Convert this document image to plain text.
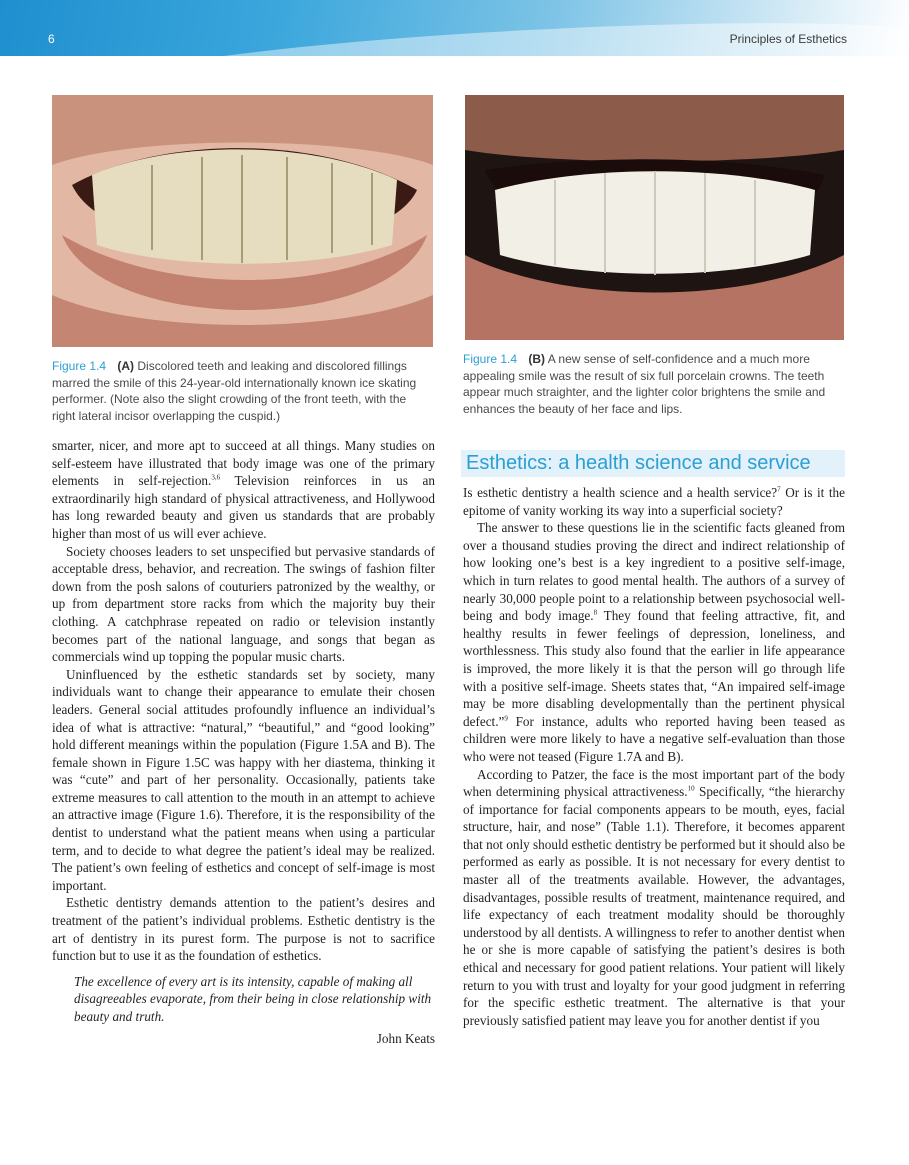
6	Principles of Esthetics
Figure 1.4 (A) Discolored teeth and leaking and discolored fillings marred the smile of this 24-year-old internationally known ice skating performer. (Note also the slight crowding of the front teeth, with the right lateral incisor overlapping the cuspid.)
Figure 1.4 (B) A new sense of self-confidence and a much more appealing smile was the result of six full porcelain crowns. The teeth appear much straighter, and the lighter color brightens the smile and enhances the beauty of her face and lips.

smarter, nicer, and more apt to succeed at all things. Many studies on self-esteem have illustrated that body image was one of the primary elements in self-rejection.$^{3,6}$ Television reinforces in us an extraordinarily high standard of physical attractiveness, and Hollywood has long rewarded beauty and given us standards that are probably higher than most of us will ever achieve.

Society chooses leaders to set unspecified but pervasive standards of acceptable dress, behavior, and recreation. The swings of fashion filter down from the posh salons of couturiers patronized by the wealthy, or up from department store racks from which the majority buy their clothing. A catchphrase repeated on radio or television instantly becomes part of the national language, and songs that began as commercials wind up topping the popular music charts.

Uninfluenced by the esthetic standards set by society, many individuals want to change their appearance to emulate their chosen leaders. General social attitudes profoundly influence an individual’s idea of what is attractive: “natural,” “beautiful,” and “good looking” hold different meanings within the population (Figure 1.5A and B). The female shown in Figure 1.5C was happy with her diastema, thinking it was “cute” and part of her personality. Occasionally, patients take extreme measures to call attention to the mouth in an attempt to achieve an attractive image (Figure 1.6). Therefore, it is the responsibility of the dentist to understand what the patient means when using a particular term, and to decide to what degree the patient’s ideal may be realized. The patient’s own feeling of esthetics and concept of self-image is most important.

Esthetic dentistry demands attention to the patient’s desires and treatment of the patient’s individual problems. Esthetic dentistry is the art of dentistry in its purest form. The purpose is not to sacrifice function but to use it as the foundation of esthetics.

The excellence of every art is its intensity, capable of making all disagreeables evaporate, from their being in close relationship with beauty and truth.
John Keats
Esthetics: a health science and service

Is esthetic dentistry a health science and a health service?$^7$ Or is it the epitome of vanity working its way into a superficial society?

The answer to these questions lie in the scientific facts gleaned from over a thousand studies proving the direct and indirect relationship of how looking one’s best is a key ingredient to a positive self-image, which in turn relates to good mental health. The authors of a survey of nearly 30,000 people point to a relationship between psychosocial well-being and body image.$^8$ They found that feeling attractive, fit, and healthy results in fewer feelings of depression, loneliness, and worthlessness. This study also found that the earlier in life appearance is improved, the more likely it is that the person will go through life with a positive self-image. Sheets states that, “An impaired self-image may be more disabling developmentally than the pertinent physical defect.”$^9$ For instance, adults who reported having been teased as children were more likely to have a negative self-evaluation than those who were not teased (Figure 1.7A and B).

According to Patzer, the face is the most important part of the body when determining physical attractiveness.$^{10}$ Specifically, “the hierarchy of importance for facial components appears to be mouth, eyes, facial structure, hair, and nose” (Table 1.1). Therefore, it becomes apparent that not only should esthetic dentistry be performed but it should also be performed as early as possible. It is not necessary for every dentist to master all of the treatments available. However, the advantages, disadvantages, possible results of treatment, maintenance required, and life expectancy of each treatment modality should be thoroughly understood by all dentists. A willingness to refer to another dentist when he or she is more capable of satisfying the patient’s desires is both ethical and necessary for good patient relations. Your patient will likely return to you with trust and loyalty for your good judgment in referring for the specific esthetic treatment. The alternative is that your previously satisfied patient may leave you for another dentist if you
